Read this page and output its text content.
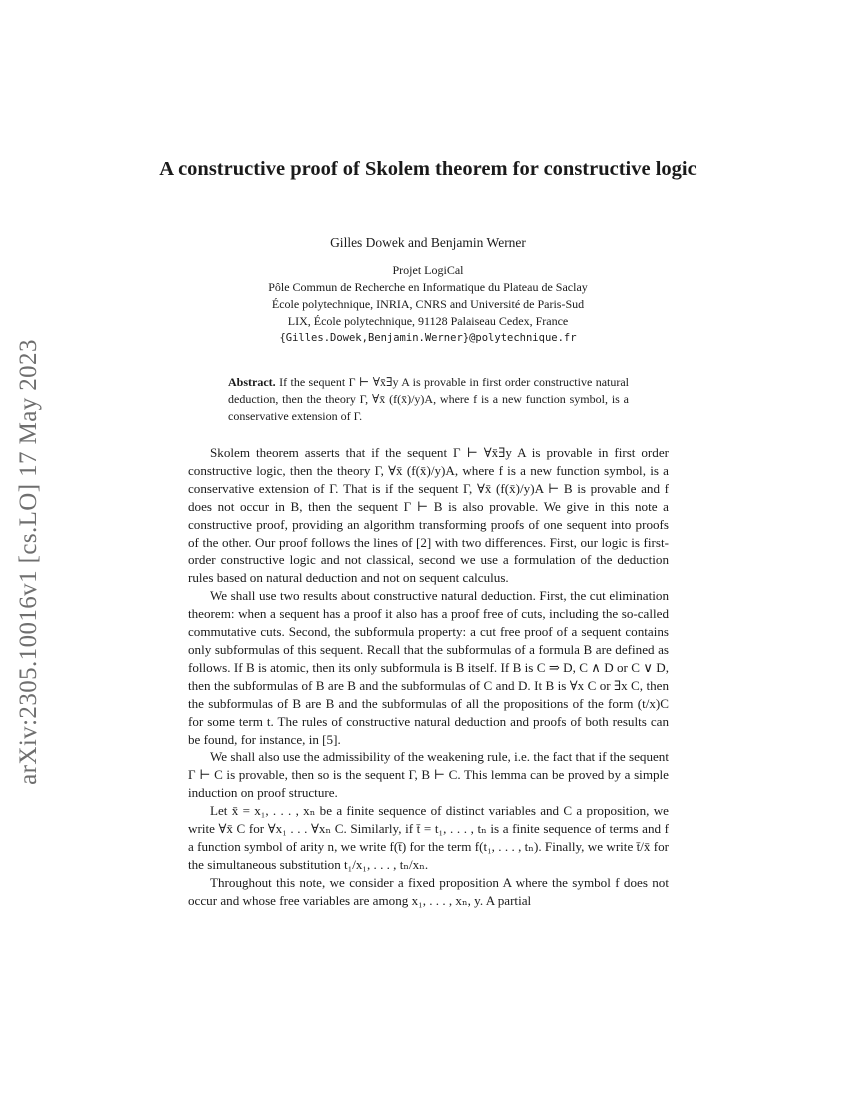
arXiv:2305.10016v1 [cs.LO] 17 May 2023
A constructive proof of Skolem theorem for constructive logic
Gilles Dowek and Benjamin Werner
Projet LogiCal
Pôle Commun de Recherche en Informatique du Plateau de Saclay
École polytechnique, INRIA, CNRS and Université de Paris-Sud
LIX, École polytechnique, 91128 Palaiseau Cedex, France
{Gilles.Dowek,Benjamin.Werner}@polytechnique.fr
Abstract. If the sequent Γ ⊢ ∀x̄∃y A is provable in first order constructive natural deduction, then the theory Γ, ∀x̄ (f(x̄)/y)A, where f is a new function symbol, is a conservative extension of Γ.

Skolem theorem asserts that if the sequent Γ ⊢ ∀x̄∃y A is provable in first order constructive logic, then the theory Γ, ∀x̄ (f(x̄)/y)A, where f is a new function symbol, is a conservative extension of Γ. That is if the sequent Γ, ∀x̄ (f(x̄)/y)A ⊢ B is provable and f does not occur in B, then the sequent Γ ⊢ B is also provable. We give in this note a constructive proof, providing an algorithm transforming proofs of one sequent into proofs of the other. Our proof follows the lines of [2] with two differences. First, our logic is first-order constructive logic and not classical, second we use a formulation of the deduction rules based on natural deduction and not on sequent calculus.

We shall use two results about constructive natural deduction. First, the cut elimination theorem: when a sequent has a proof it also has a proof free of cuts, including the so-called commutative cuts. Second, the subformula property: a cut free proof of a sequent contains only subformulas of this sequent. Recall that the subformulas of a formula B are defined as follows. If B is atomic, then its only subformula is B itself. If B is C ⇒ D, C ∧ D or C ∨ D, then the subformulas of B are B and the subformulas of C and D. It B is ∀x C or ∃x C, then the subformulas of B are B and the subformulas of all the propositions of the form (t/x)C for some term t. The rules of constructive natural deduction and proofs of both results can be found, for instance, in [5].

We shall also use the admissibility of the weakening rule, i.e. the fact that if the sequent Γ ⊢ C is provable, then so is the sequent Γ, B ⊢ C. This lemma can be proved by a simple induction on proof structure.

Let x̄ = x₁, . . . , xₙ be a finite sequence of distinct variables and C a proposition, we write ∀x̄ C for ∀x₁ . . . ∀xₙ C. Similarly, if t̄ = t₁, . . . , tₙ is a finite sequence of terms and f a function symbol of arity n, we write f(t̄) for the term f(t₁, . . . , tₙ). Finally, we write t̄/x̄ for the simultaneous substitution t₁/x₁, . . . , tₙ/xₙ.

Throughout this note, we consider a fixed proposition A where the symbol f does not occur and whose free variables are among x₁, . . . , xₙ, y. A partial
